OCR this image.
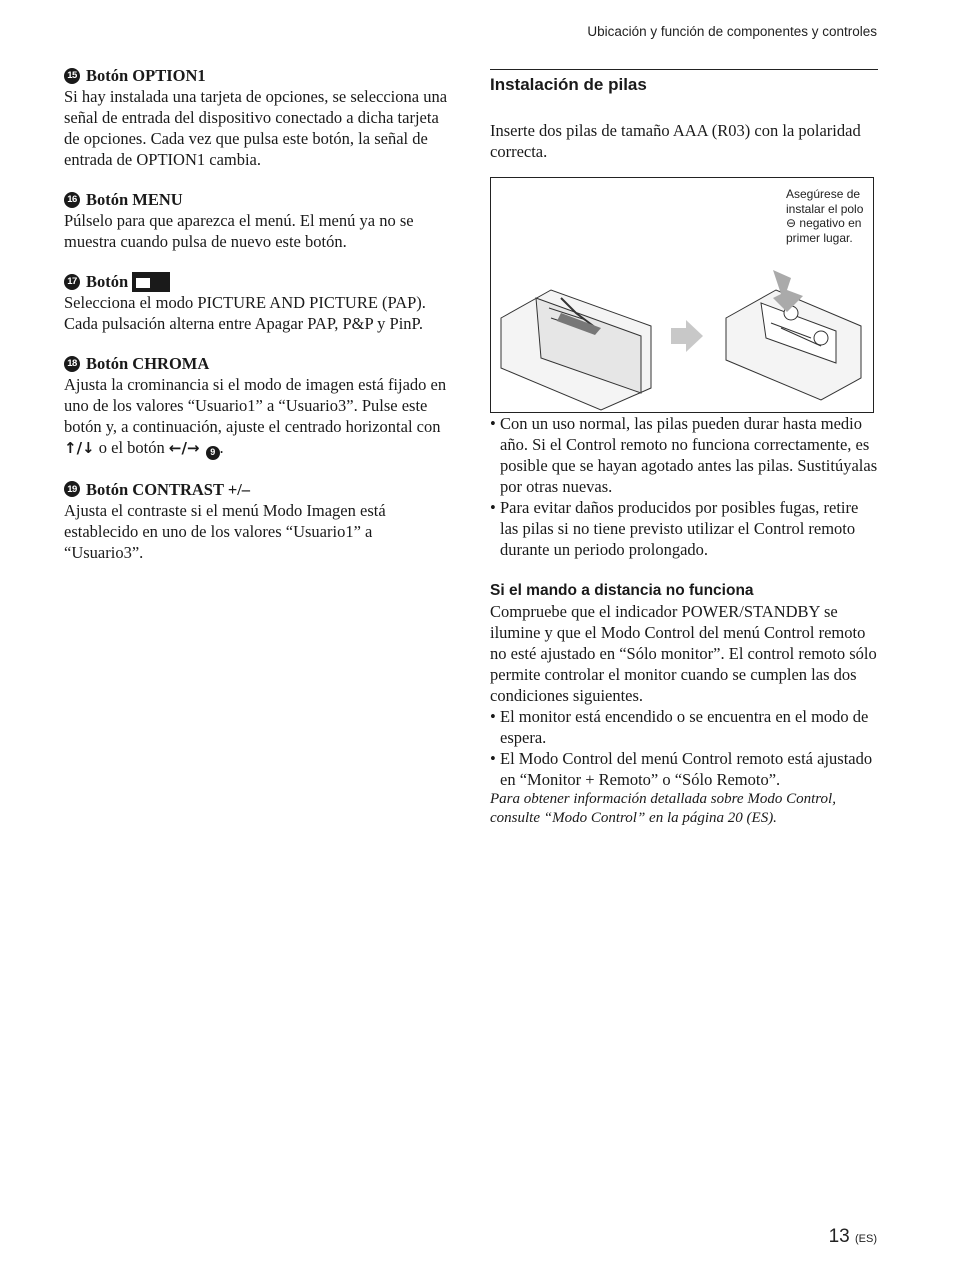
Ubicación y función de componentes y controles
15 Botón OPTION1
Si hay instalada una tarjeta de opciones, se selecciona una señal de entrada del dispositivo conectado a dicha tarjeta de opciones. Cada vez que pulsa este botón, la señal de entrada de OPTION1 cambia.
16 Botón MENU
Púlselo para que aparezca el menú. El menú ya no se muestra cuando pulsa de nuevo este botón.
17 Botón
Selecciona el modo PICTURE AND PICTURE (PAP). Cada pulsación alterna entre Apagar PAP, P&P y PinP.
18 Botón CHROMA
Ajusta la crominancia si el modo de imagen está fijado en uno de los valores “Usuario1” a “Usuario3”. Pulse este botón y, a continuación, ajuste el centrado horizontal con ↑/↓ o el botón ←/→ 9 .
19 Botón CONTRAST +/–
Ajusta el contraste si el menú Modo Imagen está establecido en uno de los valores “Usuario1” a “Usuario3”.
Instalación de pilas
Inserte dos pilas de tamaño AAA (R03) con la polaridad correcta.
Asegúrese de instalar el polo ⊖ negativo en primer lugar.
• Con un uso normal, las pilas pueden durar hasta medio año. Si el Control remoto no funciona correctamente, es posible que se hayan agotado antes las pilas. Sustitúyalas por otras nuevas.
• Para evitar daños producidos por posibles fugas, retire las pilas si no tiene previsto utilizar el Control remoto durante un periodo prolongado.
Si el mando a distancia no funciona
Compruebe que el indicador POWER/STANDBY se ilumine y que el Modo Control del menú Control remoto no esté ajustado en “Sólo monitor”. El control remoto sólo permite controlar el monitor cuando se cumplen las dos condiciones siguientes.
• El monitor está encendido o se encuentra en el modo de espera.
• El Modo Control del menú Control remoto está ajustado en “Monitor + Remoto” o “Sólo Remoto”.
Para obtener información detallada sobre Modo Control, consulte “Modo Control” en la página 20 (ES).
13 (ES)
